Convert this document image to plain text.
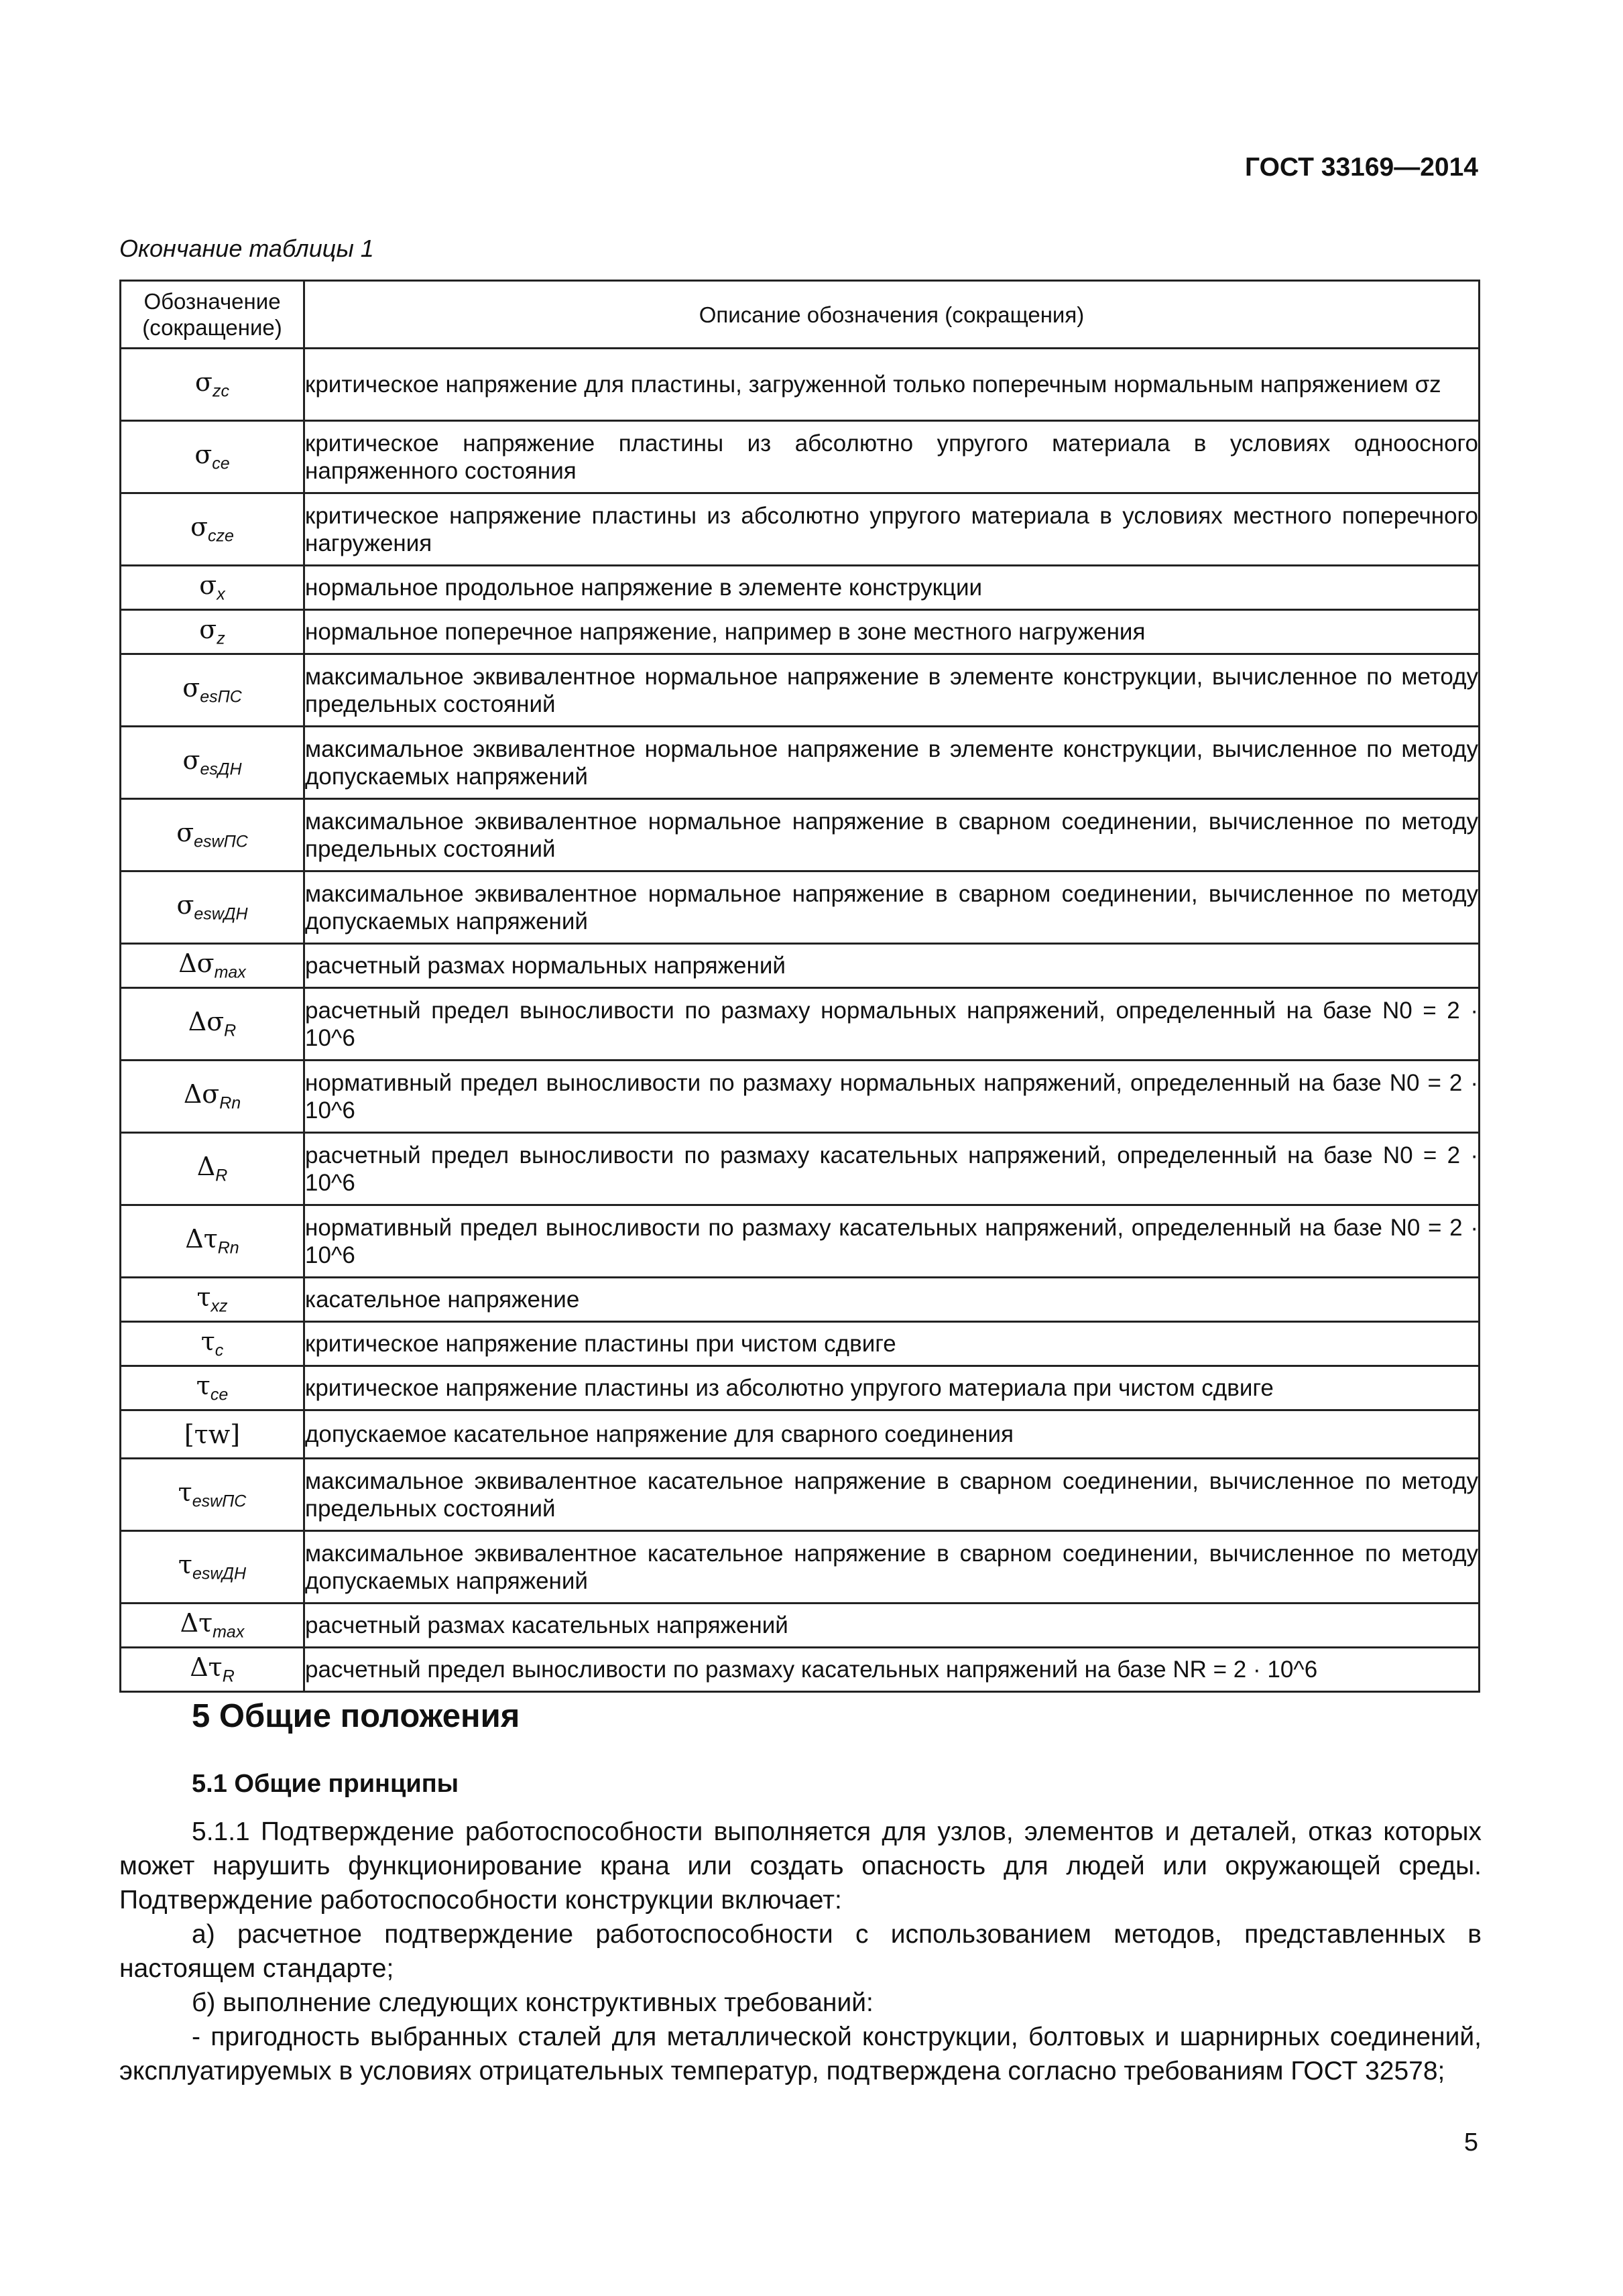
ГОСТ 33169—2014
Окончание таблицы 1
Обозначение (сокращение)	Описание обозначения (сокращения)
$\sigma_{zc}$	критическое напряжение для пластины, загруженной только поперечным нормальным напряжением σz
$\sigma_{ce}$	критическое напряжение пластины из абсолютно упругого материала в условиях одноосного напряженного состояния
$\sigma_{cze}$	критическое напряжение пластины из абсолютно упругого материала в условиях местного поперечного нагружения
$\sigma_x$	нормальное продольное напряжение в элементе конструкции
$\sigma_z$	нормальное поперечное напряжение, например в зоне местного нагружения
$\sigma_{esПС}$	максимальное эквивалентное нормальное напряжение в элементе конструкции, вычисленное по методу предельных состояний
$\sigma_{esДН}$	максимальное эквивалентное нормальное напряжение в элементе конструкции, вычисленное по методу допускаемых напряжений
$\sigma_{eswПС}$	максимальное эквивалентное нормальное напряжение в сварном соединении, вычисленное по методу предельных состояний
$\sigma_{eswДН}$	максимальное эквивалентное нормальное напряжение в сварном соединении, вычисленное по методу допускаемых напряжений
$\Delta\sigma_{max}$	расчетный размах нормальных напряжений
$\Delta\sigma_R$	расчетный предел выносливости по размаху нормальных напряжений, определенный на базе N0 = 2 · 10^6
$\Delta\sigma_{Rn}$	нормативный предел выносливости по размаху нормальных напряжений, определенный на базе N0 = 2 · 10^6
$\Delta_R$	расчетный предел выносливости по размаху касательных напряжений, определенный на базе N0 = 2 · 10^6
$\Delta\tau_{Rn}$	нормативный предел выносливости по размаху касательных напряжений, определенный на базе N0 = 2 · 10^6
$\tau_{xz}$	касательное напряжение
$\tau_c$	критическое напряжение пластины при чистом сдвиге
$\tau_{ce}$	критическое напряжение пластины из абсолютно упругого материала при чистом сдвиге
[τw]	допускаемое касательное напряжение для сварного соединения
$\tau_{eswПС}$	максимальное эквивалентное касательное напряжение в сварном соединении, вычисленное по методу предельных состояний
$\tau_{eswДН}$	максимальное эквивалентное касательное напряжение в сварном соединении, вычисленное по методу допускаемых напряжений
$\Delta\tau_{max}$	расчетный размах касательных напряжений
$\Delta\tau_R$	расчетный предел выносливости по размаху касательных напряжений на базе NR = 2 · 10^6
5 Общие положения
5.1 Общие принципы

5.1.1 Подтверждение работоспособности выполняется для узлов, элементов и деталей, отказ которых может нарушить функционирование крана или создать опасность для людей или окружающей среды. Подтверждение работоспособности конструкции включает:

а) расчетное подтверждение работоспособности с использованием методов, представленных в настоящем стандарте;

б) выполнение следующих конструктивных требований:

- пригодность выбранных сталей для металлической конструкции, болтовых и шарнирных соединений, эксплуатируемых в условиях отрицательных температур, подтверждена согласно требованиям ГОСТ 32578;

5
